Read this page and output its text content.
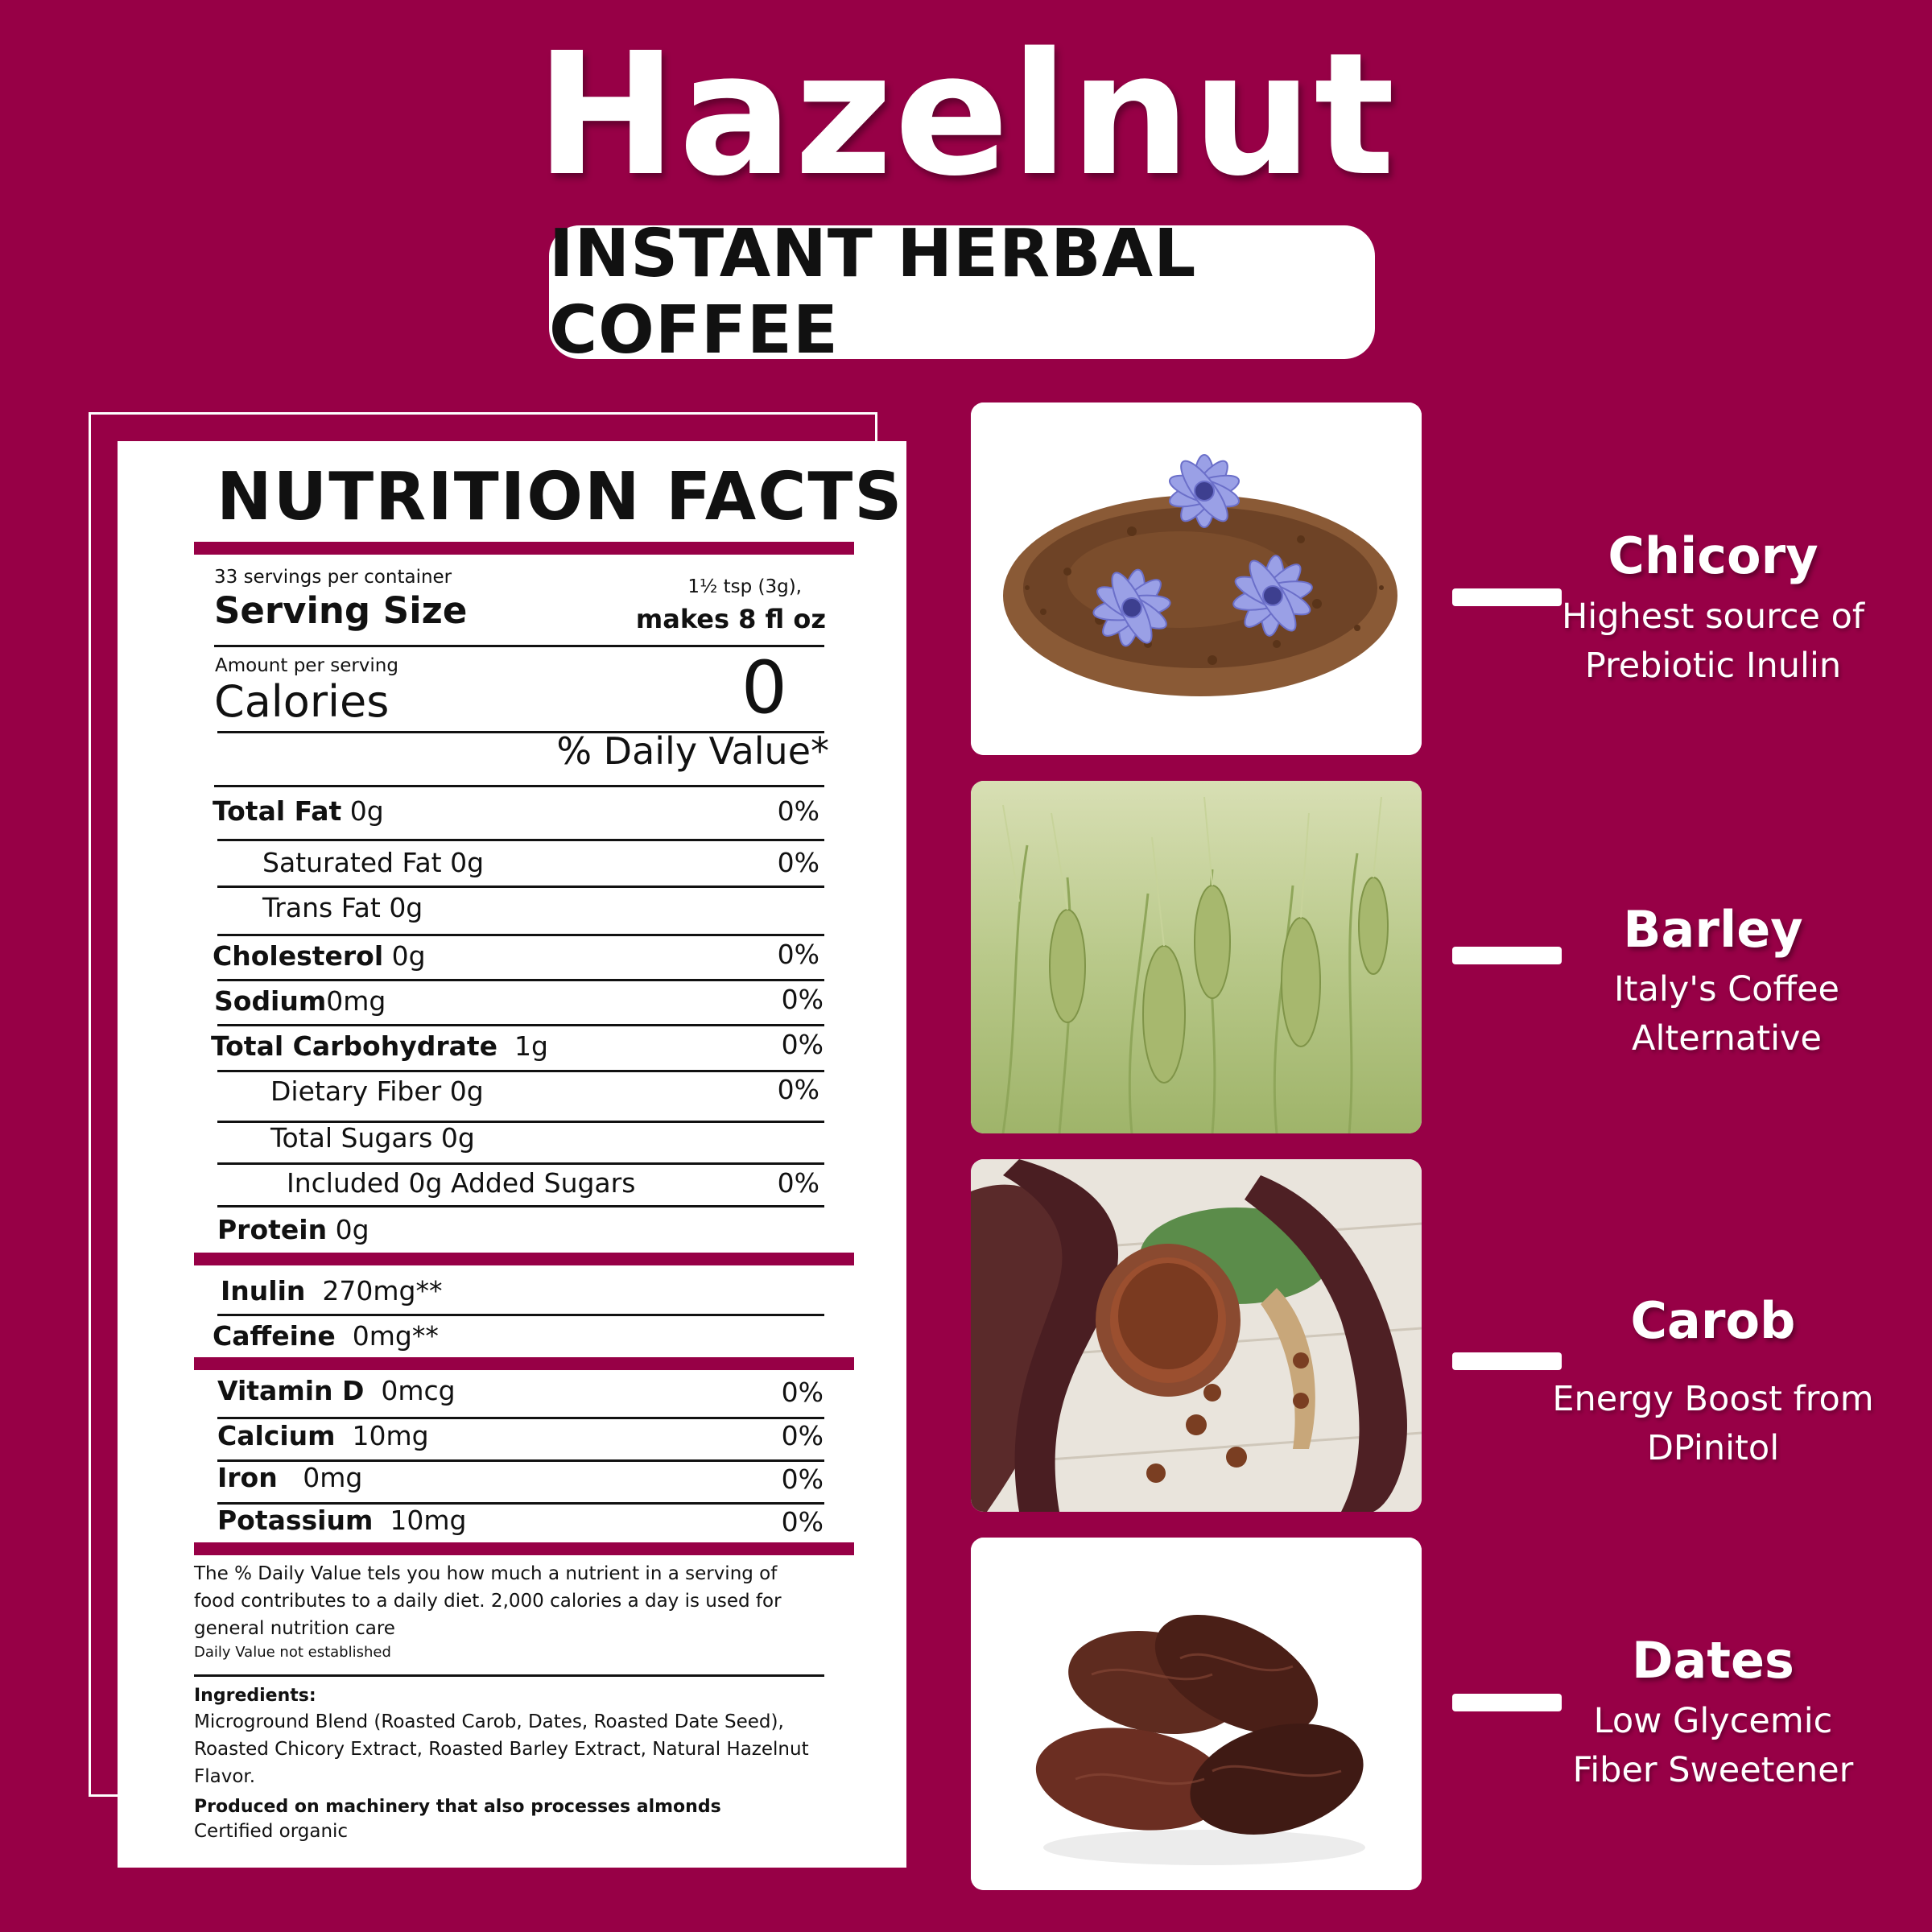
Hazelnut
INSTANT HERBAL COFFEE
NUTRITION FACTS
33 servings per container
Serving Size
1½ tsp (3g),
makes 8 fl oz
Amount per serving
Calories	0
% Daily Value*
Total Fat 0g	0%
Saturated Fat 0g	0%
Trans Fat 0g
Cholesterol 0g	0%
Sodium0mg	0%
Total Carbohydrate 1g	0%
Dietary Fiber 0g	0%
Total Sugars 0g
Included 0g Added Sugars	0%
Protein 0g
Inulin 270mg**
Caffeine 0mg**
Vitamin D 0mcg	0%
Calcium 10mg	0%
Iron 0mg	0%
Potassium 10mg	0%
The % Daily Value tels you how much a nutrient in a serving of
food contributes to a daily diet. 2,000 calories a day is used for
general nutrition care
Daily Value not established
Ingredients:
Microground Blend (Roasted Carob, Dates, Roasted Date Seed),
Roasted Chicory Extract, Roasted Barley Extract, Natural Hazelnut
Flavor.
Produced on machinery that also processes almonds
Certified organic
Chicory
Highest source of
Prebiotic Inulin
Barley
Italy's Coffee
Alternative
Carob
Energy Boost from
DPinitol
Dates
Low Glycemic
Fiber Sweetener
